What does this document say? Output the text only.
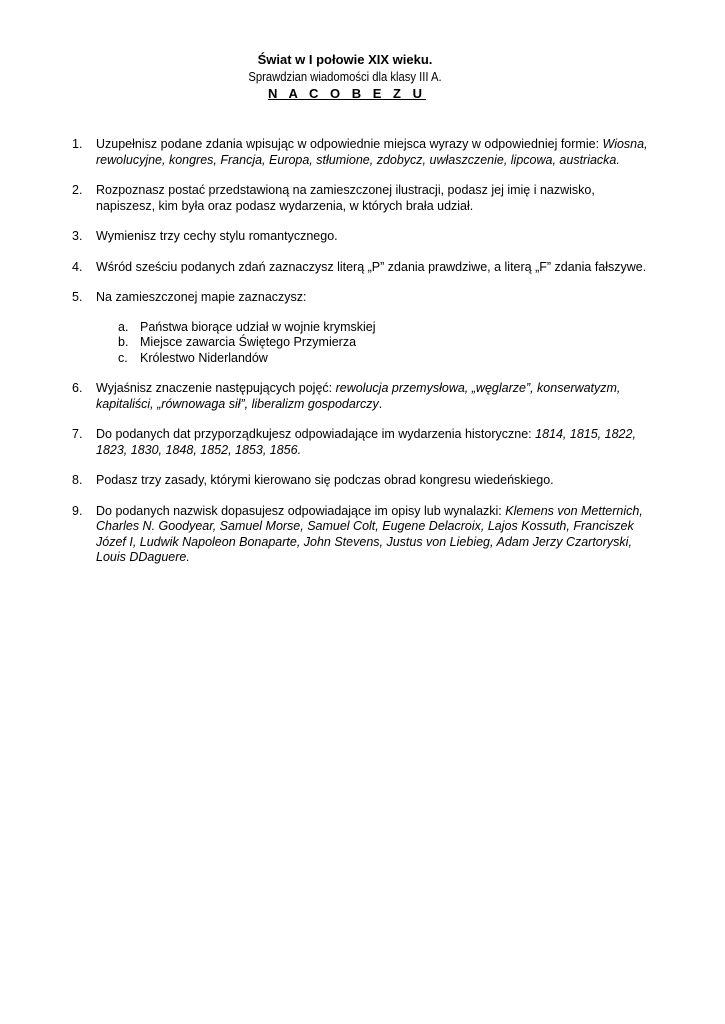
Świat w I połowie XIX wieku.

Sprawdzian wiadomości dla klasy III A.

N A C O B E Z U

1. Uzupełnisz podane zdania wpisując w odpowiednie miejsca wyrazy w odpowiedniej formie: Wiosna, rewolucyjne, kongres, Francja, Europa, stłumione, zdobycz, uwłaszczenie, lipcowa, austriacka.
2. Rozpoznasz postać przedstawioną na zamieszczonej ilustracji, podasz jej imię i nazwisko, napiszesz, kim była oraz podasz wydarzenia, w których brała udział.
3. Wymienisz trzy cechy stylu romantycznego.
4. Wśród sześciu podanych zdań zaznaczysz literą „P” zdania prawdziwe, a literą „F” zdania fałszywe.
5. Na zamieszczonej mapie zaznaczysz:
a. Państwa biorące udział w wojnie krymskiej
b. Miejsce zawarcia Świętego Przymierza
c. Królestwo Niderlandów
6. Wyjaśnisz znaczenie następujących pojęć: rewolucja przemysłowa, „węglarze”, konserwatyzm, kapitaliści, „równowaga sił”, liberalizm gospodarczy.
7. Do podanych dat przyporządkujesz odpowiadające im wydarzenia historyczne: 1814, 1815, 1822, 1823, 1830, 1848, 1852, 1853, 1856.
8. Podasz trzy zasady, którymi kierowano się podczas obrad kongresu wiedeńskiego.
9. Do podanych nazwisk dopasujesz odpowiadające im opisy lub wynalazki: Klemens von Metternich, Charles N. Goodyear, Samuel Morse, Samuel Colt, Eugene Delacroix, Lajos Kossuth, Franciszek Józef I, Ludwik Napoleon Bonaparte, John Stevens, Justus von Liebieg, Adam Jerzy Czartoryski, Louis DDaguere.
